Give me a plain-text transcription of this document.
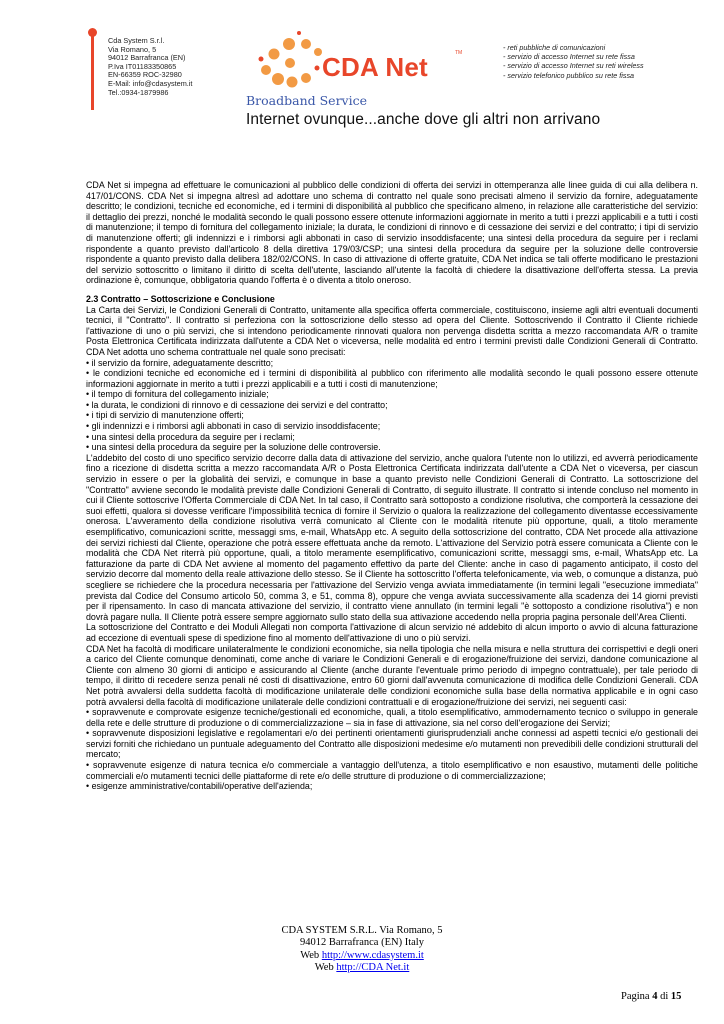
Cda System S.r.l.
Via Romano, 5
94012 Barrafranca (EN)
P.Iva IT01183350865
EN-66359 ROC-32980
E-Mail: info@cdasystem.it
Tel.:0934-1879986
CDA Net	TM
Broadband Service
Internet ovunque...anche dove gli altri non arrivano
- reti pubbliche di comunicazioni
- servizio di accesso Internet su rete fissa
- servizio di accesso Internet su reti wireless
- servizio telefonico pubblico su rete fissa

CDA Net si impegna ad effettuare le comunicazioni al pubblico delle condizioni di offerta dei servizi in ottemperanza alle linee guida di cui alla delibera n. 417/01/CONS. CDA Net si impegna altresì ad adottare uno schema di contratto nel quale sono precisati almeno il servizio da fornire, adeguatamente descritto; le condizioni, tecniche ed economiche, ed i termini di disponibilità al pubblico che specificano almeno, in relazione alle caratteristiche del servizio: il dettaglio dei prezzi, nonché le modalità secondo le quali possono essere ottenute informazioni aggiornate in merito a tutti i prezzi applicabili e a tutti i costi di manutenzione; il tempo di fornitura del collegamento iniziale; la durata, le condizioni di rinnovo e di cessazione dei servizi e del contratto; i tipi di servizio di manutenzione offerti; gli indennizzi e i rimborsi agli abbonati in caso di servizio insoddisfacente; una sintesi della procedura da seguire per i reclami rispondente a quanto previsto dall'articolo 8 della direttiva 179/03/CSP; una sintesi della procedura da seguire per la soluzione delle controversie rispondente a quanto previsto dalla delibera 182/02/CONS. In caso di attivazione di offerte gratuite, CDA Net indica se tali offerte modificano le prestazioni del servizio sottoscritto o limitano il diritto di scelta dell'utente, lasciando all'utente la facoltà di chiedere la disattivazione dell'offerta stessa. La previa ordinazione è, comunque, obbligatoria quando l'offerta è o diventa a titolo oneroso.

2.3 Contratto – Sottoscrizione e Conclusione

La Carta dei Servizi, le Condizioni Generali di Contratto, unitamente alla specifica offerta commerciale, costituiscono, insieme agli altri eventuali documenti tecnici, il "Contratto". Il contratto si perfeziona con la sottoscrizione dello stesso ad opera del Cliente. Sottoscrivendo il Contratto il Cliente richiede l'attivazione di uno o più servizi, che si intendono periodicamente rinnovati qualora non pervenga disdetta scritta a mezzo raccomandata A/R o tramite Posta Elettronica Certificata indirizzata dall'utente a CDA Net o viceversa, nelle modalità ed entro i termini previsti dalle Condizioni Generali di Contratto. CDA Net adotta uno schema contrattuale nel quale sono precisati:

• il servizio da fornire, adeguatamente descritto;

• le condizioni tecniche ed economiche ed i termini di disponibilità al pubblico con riferimento alle modalità secondo le quali possono essere ottenute informazioni aggiornate in merito a tutti i prezzi applicabili e a tutti i costi di manutenzione;

• il tempo di fornitura del collegamento iniziale;

• la durata, le condizioni di rinnovo e di cessazione dei servizi e del contratto;

• i tipi di servizio di manutenzione offerti;

• gli indennizzi e i rimborsi agli abbonati in caso di servizio insoddisfacente;

• una sintesi della procedura da seguire per i reclami;

• una sintesi della procedura da seguire per la soluzione delle controversie.

L'addebito del costo di uno specifico servizio decorre dalla data di attivazione del servizio, anche qualora l'utente non lo utilizzi, ed avverrà periodicamente fino a ricezione di disdetta scritta a mezzo raccomandata A/R o Posta Elettronica Certificata indirizzata dall'utente a CDA Net o viceversa, per ciascun servizio in essere o per la globalità dei servizi, e comunque in base a quanto previsto nelle Condizioni Generali di Contratto. La sottoscrizione del "Contratto" avviene secondo le modalità previste dalle Condizioni Generali di Contratto, di seguito illustrate. Il contratto si intende concluso nel momento in cui il Cliente sottoscrive l'Offerta Commerciale di CDA Net. In tal caso, il Contratto sarà sottoposto a condizione risolutiva, che comporterà la cessazione dei suoi effetti, qualora si dovesse verificare l'impossibilità tecnica di fornire il Servizio o qualora la realizzazione del collegamento diventasse eccessivamente onerosa. L'avveramento della condizione risolutiva verrà comunicato al Cliente con le modalità ritenute più opportune, quali, a titolo meramente esemplificativo, comunicazioni scritte, messaggi sms, e-mail, WhatsApp etc. A seguito della sottoscrizione del contratto, CDA Net procede alla attivazione dei servizi richiesti dal Cliente, operazione che potrà essere effettuata anche da remoto. L'attivazione del Servizio potrà essere comunicata a Cliente con le modalità che CDA Net riterrà più opportune, quali, a titolo meramente esemplificativo, comunicazioni scritte, messaggi sms, e-mail, WhatsApp etc. La fatturazione da parte di CDA Net avviene al momento del pagamento effettivo da parte del Cliente: anche in caso di pagamento anticipato, il costo del servizio decorre dal momento della reale attivazione dello stesso. Se il Cliente ha sottoscritto l'offerta telefonicamente, via web, o comunque a distanza, può scegliere se richiedere che la procedura necessaria per l'attivazione del Servizio venga avviata immediatamente (in termini legali "esecuzione immediata" prevista dal Codice del Consumo articolo 50, comma 3, e 51, comma 8), oppure che venga avviata successivamente alla scadenza dei 14 giorni previsti per il ripensamento. In caso di mancata attivazione del servizio, il contratto viene annullato (in termini legali "è sottoposto a condizione risolutiva") e non dovrà pagare nulla. Il Cliente potrà essere sempre aggiornato sullo stato della sua attivazione accedendo nella propria pagina personale dell'Area Clienti.

La sottoscrizione del Contratto e dei Moduli Allegati non comporta l'attivazione di alcun servizio né addebito di alcun importo o avvio di alcuna fatturazione ad eccezione di eventuali spese di spedizione fino al momento dell'attivazione di uno o più servizi.

CDA Net ha facoltà di modificare unilateralmente le condizioni economiche, sia nella tipologia che nella misura e nella struttura dei corrispettivi e degli oneri a carico del Cliente comunque denominati, come anche di variare le Condizioni Generali e di erogazione/fruizione dei servizi, dandone comunicazione al Cliente con almeno 30 giorni di anticipo e assicurando al Cliente (anche durante l'eventuale primo periodo di impegno contrattuale), per tale periodo di tempo, il diritto di recedere senza penali né costi di disattivazione, entro 60 giorni dall'avvenuta comunicazione di modifica delle Condizioni Generali. CDA Net potrà avvalersi della suddetta facoltà di modificazione unilaterale delle condizioni economiche sulla base della normativa applicabile e in ogni caso potrà avvalersi della facoltà di modificazione unilaterale delle condizioni contrattuali e di erogazione/fruizione dei servizi, nei seguenti casi:

• sopravvenute e comprovate esigenze tecniche/gestionali ed economiche, quali, a titolo esemplificativo, ammodernamento tecnico o sviluppo in generale della rete e delle strutture di produzione o di commercializzazione – sia in fase di attivazione, sia nel corso dell'erogazione dei Servizi;

• sopravvenute disposizioni legislative e regolamentari e/o dei pertinenti orientamenti giurisprudenziali anche connessi ad aspetti tecnici e/o gestionali dei servizi forniti che richiedano un puntuale adeguamento del Contratto alle disposizioni medesime e/o mutamenti non prevedibili delle condizioni strutturali del mercato;

• sopravvenute esigenze di natura tecnica e/o commerciale a vantaggio dell'utenza, a titolo esemplificativo e non esaustivo, mutamenti delle politiche commerciali e/o mutamenti tecnici delle piattaforme di rete e/o delle strutture di produzione o di commercializzazione;

• esigenze amministrative/contabili/operative dell'azienda;

CDA SYSTEM S.R.L. Via Romano, 5
94012 Barrafranca (EN) Italy
Web http://www.cdasystem.it
Web http://CDA Net.it
Pagina 4 di 15
